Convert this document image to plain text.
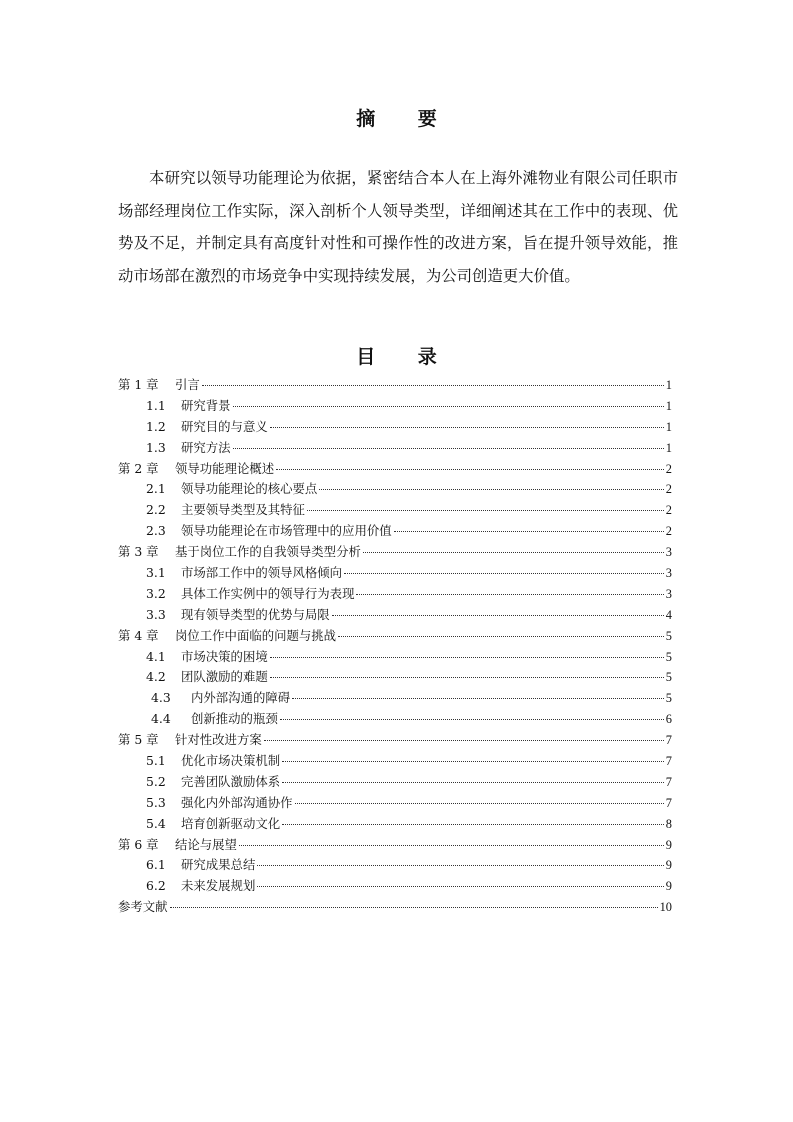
摘 要
本研究以领导功能理论为依据，紧密结合本人在上海外滩物业有限公司任职市场部经理岗位工作实际，深入剖析个人领导类型，详细阐述其在工作中的表现、优势及不足，并制定具有高度针对性和可操作性的改进方案，旨在提升领导效能，推动市场部在激烈的市场竞争中实现持续发展，为公司创造更大价值。
目 录
第 1 章	引言	1
1.1	研究背景	1
1.2	研究目的与意义	1
1.3	研究方法	1
第 2 章	领导功能理论概述	2
2.1	领导功能理论的核心要点	2
2.2	主要领导类型及其特征	2
2.3	领导功能理论在市场管理中的应用价值	2
第 3 章	基于岗位工作的自我领导类型分析	3
3.1	市场部工作中的领导风格倾向	3
3.2	具体工作实例中的领导行为表现	3
3.3	现有领导类型的优势与局限	4
第 4 章	岗位工作中面临的问题与挑战	5
4.1	市场决策的困境	5
4.2	团队激励的难题	5
4.3	内外部沟通的障碍	5
4.4	创新推动的瓶颈	6
第 5 章	针对性改进方案	7
5.1	优化市场决策机制	7
5.2	完善团队激励体系	7
5.3	强化内外部沟通协作	7
5.4	培育创新驱动文化	8
第 6 章	结论与展望	9
6.1	研究成果总结	9
6.2	未来发展规划	9
参考文献	10
